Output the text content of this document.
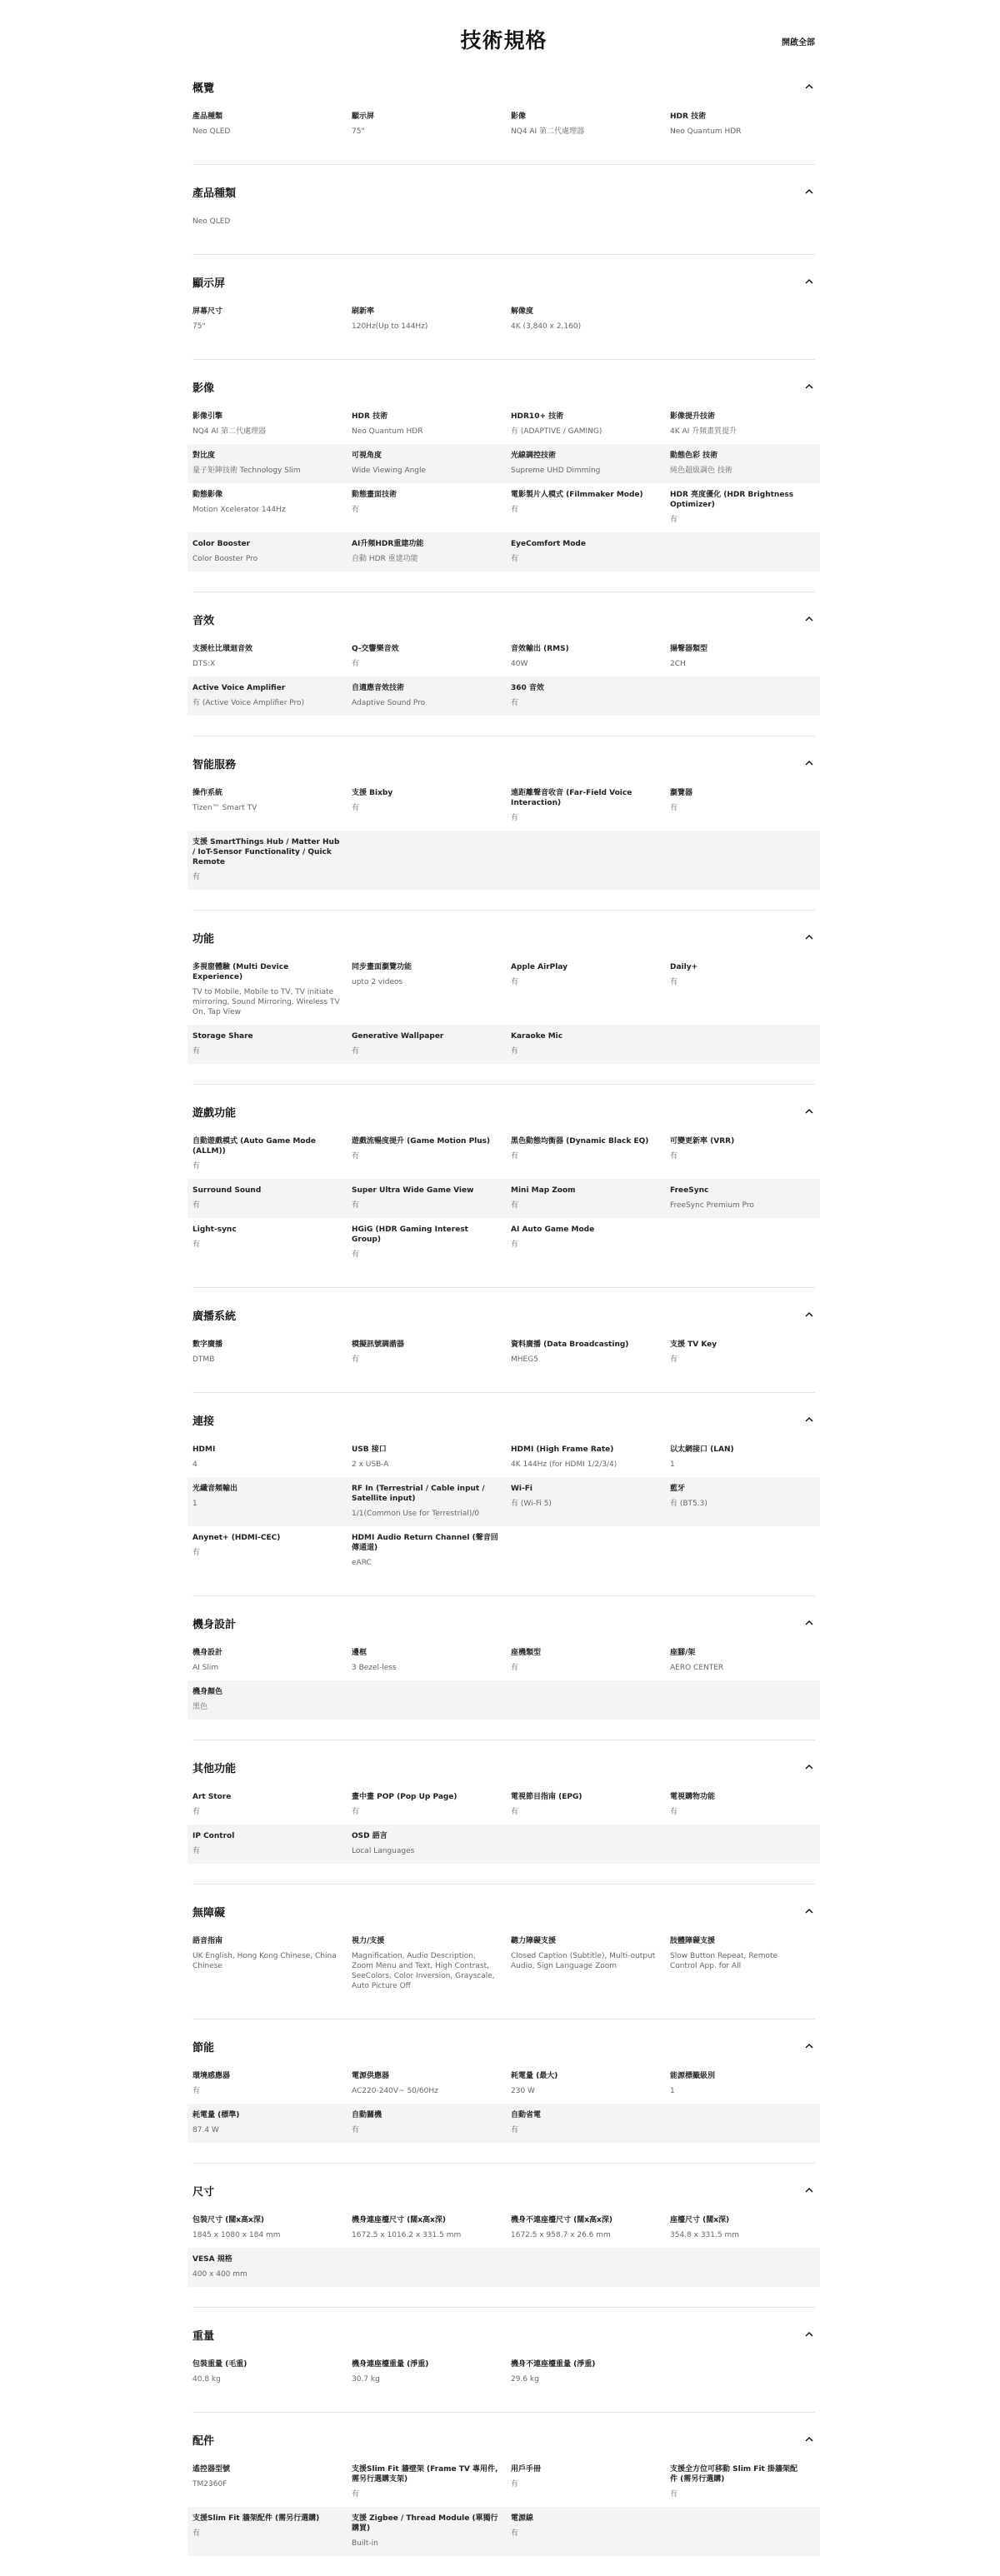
技術規格	開啟全部
概覽
產品種類
Neo QLED
顯示屏
75"
影像
NQ4 AI 第二代處理器
HDR 技術
Neo Quantum HDR
產品種類
Neo QLED
顯示屏
屏幕尺寸
75"
刷新率
120Hz(Up to 144Hz)
解像度
4K (3,840 x 2,160)
影像
影像引擎
NQ4 AI 第二代處理器
HDR 技術
Neo Quantum HDR
HDR10+ 技術
有 (ADAPTIVE / GAMING)
影像提升技術
4K AI 升頻畫質提升
對比度
量子矩陣技術 Technology Slim
可視角度
Wide Viewing Angle
光線調控技術
Supreme UHD Dimming
動態色彩 技術
純色超級調色 技術
動態影像
Motion Xcelerator 144Hz
動態畫面技術
有
電影製片人模式 (Filmmaker Mode)
有
HDR 亮度優化 (HDR Brightness Optimizer)
有
Color Booster
Color Booster Pro
AI升頻HDR重建功能
自動 HDR 重建功能
EyeComfort Mode
有
音效
支援杜比環迴音效
DTS:X
Q-交響樂音效
有
音效輸出 (RMS)
40W
揚聲器類型
2CH
Active Voice Amplifier
有 (Active Voice Amplifier Pro)
自適應音效技術
Adaptive Sound Pro
360 音效
有
智能服務
操作系統
Tizen™ Smart TV
支援 Bixby
有
遠距離聲音收音 (Far-Field Voice Interaction)
有
瀏覽器
有
支援 SmartThings Hub / Matter Hub / IoT-Sensor Functionality / Quick Remote
有
功能
多視窗體驗 (Multi Device Experience)
TV to Mobile, Mobile to TV, TV initiate mirroring, Sound Mirroring, Wireless TV On, Tap View
同步畫面瀏覽功能
upto 2 videos
Apple AirPlay
有
Daily+
有
Storage Share
有
Generative Wallpaper
有
Karaoke Mic
有
遊戲功能
自動遊戲模式 (Auto Game Mode (ALLM))
有
遊戲流暢度提升 (Game Motion Plus)
有
黑色動態均衡器 (Dynamic Black EQ)
有
可變更新率 (VRR)
有
Surround Sound
有
Super Ultra Wide Game View
有
Mini Map Zoom
有
FreeSync
FreeSync Premium Pro
Light-sync
有
HGiG (HDR Gaming Interest Group)
有
AI Auto Game Mode
有
廣播系統
數字廣播
DTMB
模擬訊號調諧器
有
資料廣播 (Data Broadcasting)
MHEG5
支援 TV Key
有
連接
HDMI
4
USB 接口
2 x USB-A
HDMI (High Frame Rate)
4K 144Hz (for HDMI 1/2/3/4)
以太網接口 (LAN)
1
光纖音頻輸出
1
RF In (Terrestrial / Cable input / Satellite input)
1/1(Common Use for Terrestrial)/0
Wi-Fi
有 (Wi-Fi 5)
藍牙
有 (BT5.3)
Anynet+ (HDMI-CEC)
有
HDMI Audio Return Channel (聲音回傳通道)
eARC
機身設計
機身設計
AI Slim
邊框
3 Bezel-less
座機類型
有
座腳/架
AERO CENTER
機身顏色
黑色
其他功能
Art Store
有
畫中畫 POP (Pop Up Page)
有
電視節目指南 (EPG)
有
電視購物功能
有
IP Control
有
OSD 語言
Local Languages
無障礙
語音指南
UK English, Hong Kong Chinese, China Chinese
視力/支援
Magnification, Audio Description, Zoom Menu and Text, High Contrast, SeeColors, Color Inversion, Grayscale, Auto Picture Off
聽力障礙支援
Closed Caption (Subtitle), Multi-output Audio, Sign Language Zoom
肢體障礙支援
Slow Button Repeat, Remote Control App. for All
節能
環境感應器
有
電源供應器
AC220-240V~ 50/60Hz
耗電量 (最大)
230 W
能源標籤級別
1
耗電量 (標準)
87.4 W
自動關機
有
自動省電
有
尺寸
包裝尺寸 (闊x高x深)
1845 x 1080 x 184 mm
機身連座檯尺寸 (闊x高x深)
1672.5 x 1016.2 x 331.5 mm
機身不連座檯尺寸 (闊x高x深)
1672.5 x 958.7 x 26.6 mm
座檯尺寸 (闊x深)
354.8 x 331.5 mm
VESA 規格
400 x 400 mm
重量
包裝重量 (毛重)
40.8 kg
機身連座檯重量 (淨重)
30.7 kg
機身不連座檯重量 (淨重)
29.6 kg
配件
遙控器型號
TM2360F
支援Slim Fit 牆壁架 (Frame TV 專用件, 需另行選購支架)
有
用戶手冊
有
支援全方位可移動 Slim Fit 掛牆架配件 (需另行選購)
有
支援Slim Fit 牆架配件 (需另行選購)
有
支援 Zigbee / Thread Module (單獨行購買)
Built-in
電源線
有
